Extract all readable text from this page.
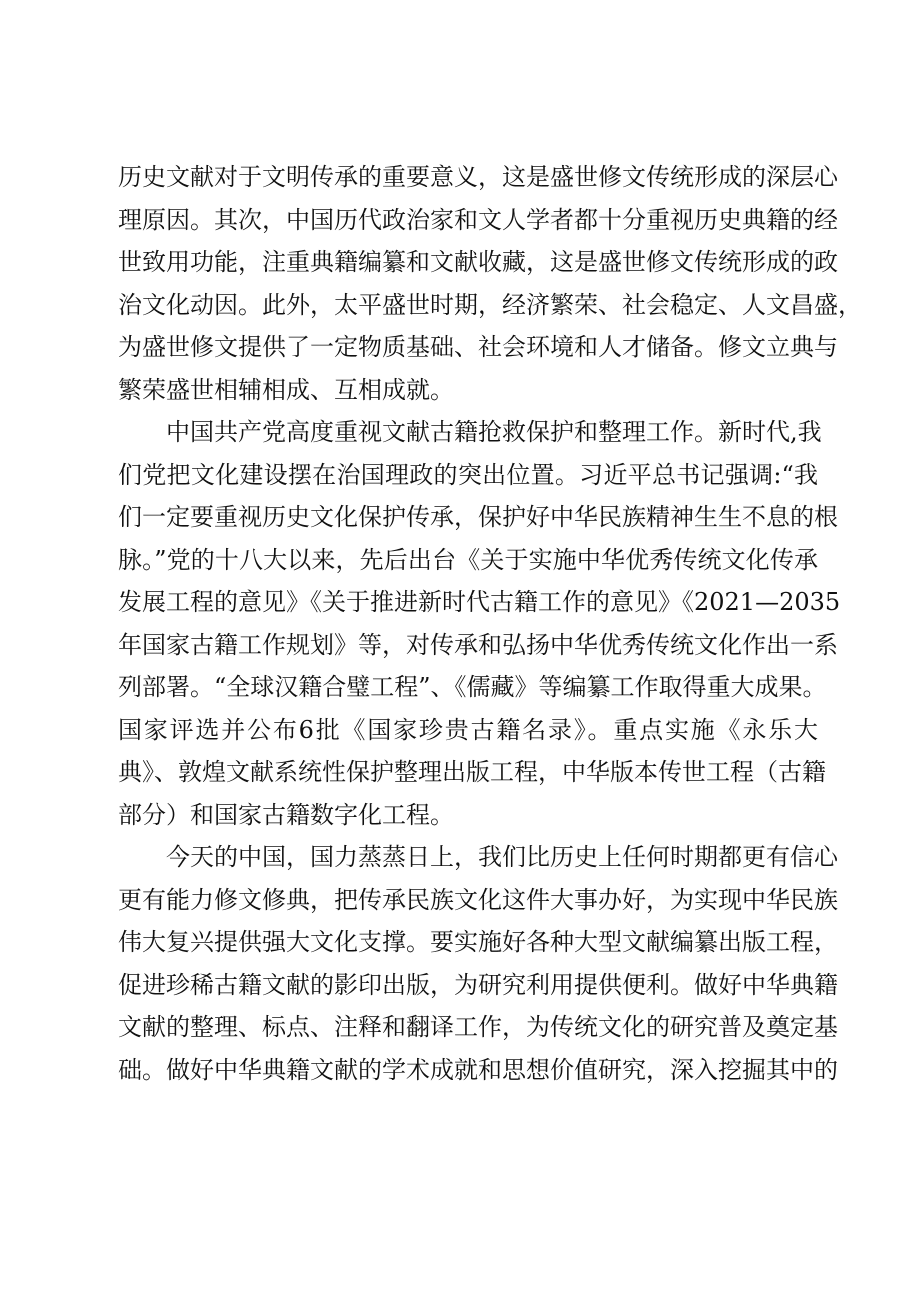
历史文献对于文明传承的重要意义，这是盛世修文传统形成的深层心
理原因。其次，中国历代政治家和文人学者都十分重视历史典籍的经
世致用功能，注重典籍编纂和文献收藏，这是盛世修文传统形成的政
治文化动因。此外，太平盛世时期，经济繁荣、社会稳定、人文昌盛，
为盛世修文提供了一定物质基础、社会环境和人才储备。修文立典与
繁荣盛世相辅相成、互相成就。
中国共产党高度重视文献古籍抢救保护和整理工作。新时代,我
们党把文化建设摆在治国理政的突出位置。习近平总书记强调:“我
们一定要重视历史文化保护传承，保护好中华民族精神生生不息的根
脉。”党的十八大以来，先后出台《关于实施中华优秀传统文化传承
发展工程的意见》《关于推进新时代古籍工作的意见》《2021—2035
年国家古籍工作规划》等，对传承和弘扬中华优秀传统文化作出一系
列部署。“全球汉籍合璧工程”、《儒藏》等编纂工作取得重大成果。
国家评选并公布6批《国家珍贵古籍名录》。重点实施《永乐大
典》、敦煌文献系统性保护整理出版工程，中华版本传世工程（古籍
部分）和国家古籍数字化工程。
今天的中国，国力蒸蒸日上，我们比历史上任何时期都更有信心
更有能力修文修典，把传承民族文化这件大事办好，为实现中华民族
伟大复兴提供强大文化支撑。要实施好各种大型文献编纂出版工程，
促进珍稀古籍文献的影印出版，为研究利用提供便利。做好中华典籍
文献的整理、标点、注释和翻译工作，为传统文化的研究普及奠定基
础。做好中华典籍文献的学术成就和思想价值研究，深入挖掘其中的
